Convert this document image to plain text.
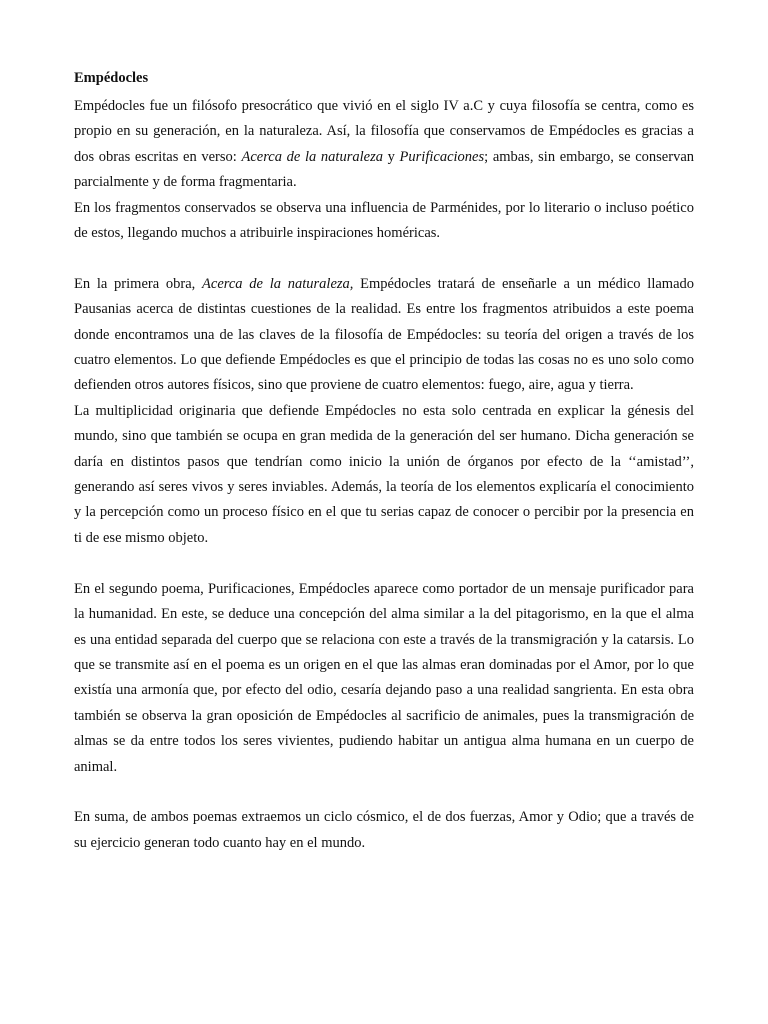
Empédocles

Empédocles fue un filósofo presocrático que vivió en el siglo IV a.C y cuya filosofía se centra, como es propio en su generación, en la naturaleza. Así, la filosofía que conservamos de Empédocles es gracias a dos obras escritas en verso: Acerca de la naturaleza y Purificaciones; ambas, sin embargo, se conservan parcialmente y de forma fragmentaria.

En los fragmentos conservados se observa una influencia de Parménides, por lo literario o incluso poético de estos, llegando muchos a atribuirle inspiraciones homéricas.

En la primera obra, Acerca de la naturaleza, Empédocles tratará de enseñarle a un médico llamado Pausanias acerca de distintas cuestiones de la realidad. Es entre los fragmentos atribuidos a este poema donde encontramos una de las claves de la filosofía de Empédocles: su teoría del origen a través de los cuatro elementos. Lo que defiende Empédocles es que el principio de todas las cosas no es uno solo como defienden otros autores físicos, sino que proviene de cuatro elementos: fuego, aire, agua y tierra.

La multiplicidad originaria que defiende Empédocles no esta solo centrada en explicar la génesis del mundo, sino que también se ocupa en gran medida de la generación del ser humano. Dicha generación se daría en distintos pasos que tendrían como inicio la unión de órganos por efecto de la ‘‘amistad’’, generando así seres vivos y seres inviables. Además, la teoría de los elementos explicaría el conocimiento y la percepción como un proceso físico en el que tu serias capaz de conocer o percibir por la presencia en ti de ese mismo objeto.

En el segundo poema, Purificaciones, Empédocles aparece como portador de un mensaje purificador para la humanidad. En este, se deduce una concepción del alma similar a la del pitagorismo, en la que el alma es una entidad separada del cuerpo que se relaciona con este a través de la transmigración y la catarsis. Lo que se transmite así en el poema es un origen en el que las almas eran dominadas por el Amor, por lo que existía una armonía que, por efecto del odio, cesaría dejando paso a una realidad sangrienta. En esta obra también se observa la gran oposición de Empédocles al sacrificio de animales, pues la transmigración de almas se da entre todos los seres vivientes, pudiendo habitar un antigua alma humana en un cuerpo de animal.

En suma, de ambos poemas extraemos un ciclo cósmico, el de dos fuerzas, Amor y Odio; que a través de su ejercicio generan todo cuanto hay en el mundo.
